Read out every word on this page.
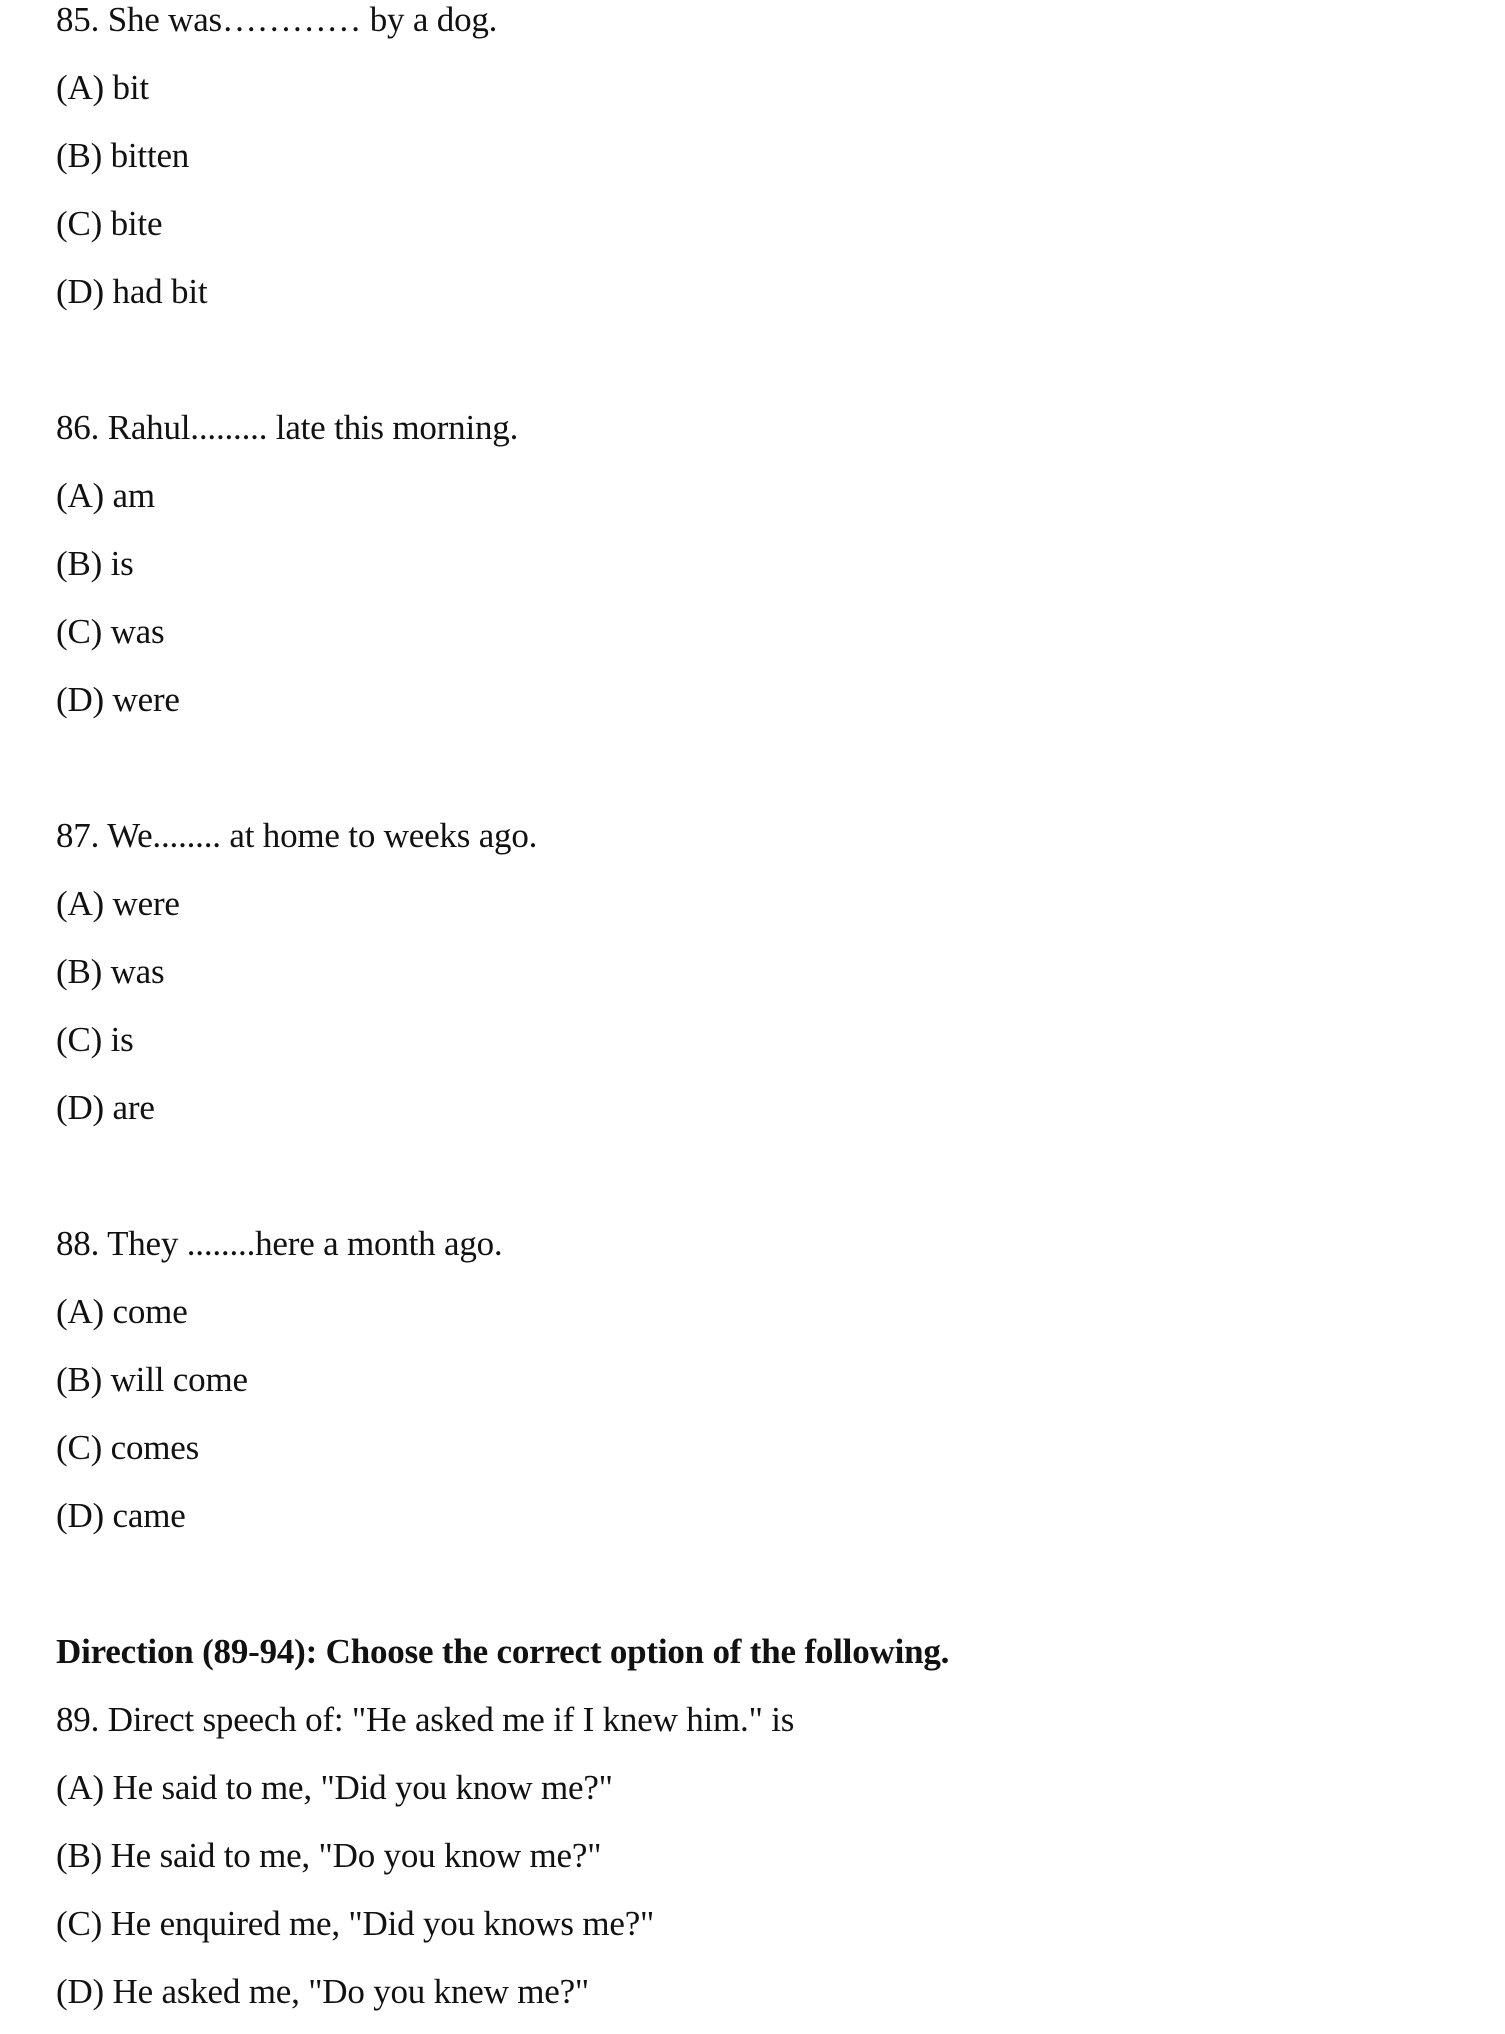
85. She was………… by a dog.
(A) bit
(B) bitten
(C) bite
(D) had bit
86. Rahul......... late this morning.
(A) am
(B) is
(C) was
(D) were
87. We........ at home to weeks ago.
(A) were
(B) was
(C) is
(D) are
88. They ........here a month ago.
(A) come
(B) will come
(C) comes
(D) came
Direction (89-94): Choose the correct option of the following.
89. Direct speech of: "He asked me if I knew him." is
(A) He said to me, "Did you know me?"
(B) He said to me, "Do you know me?"
(C) He enquired me, "Did you knows me?"
(D) He asked me, "Do you knew me?"
